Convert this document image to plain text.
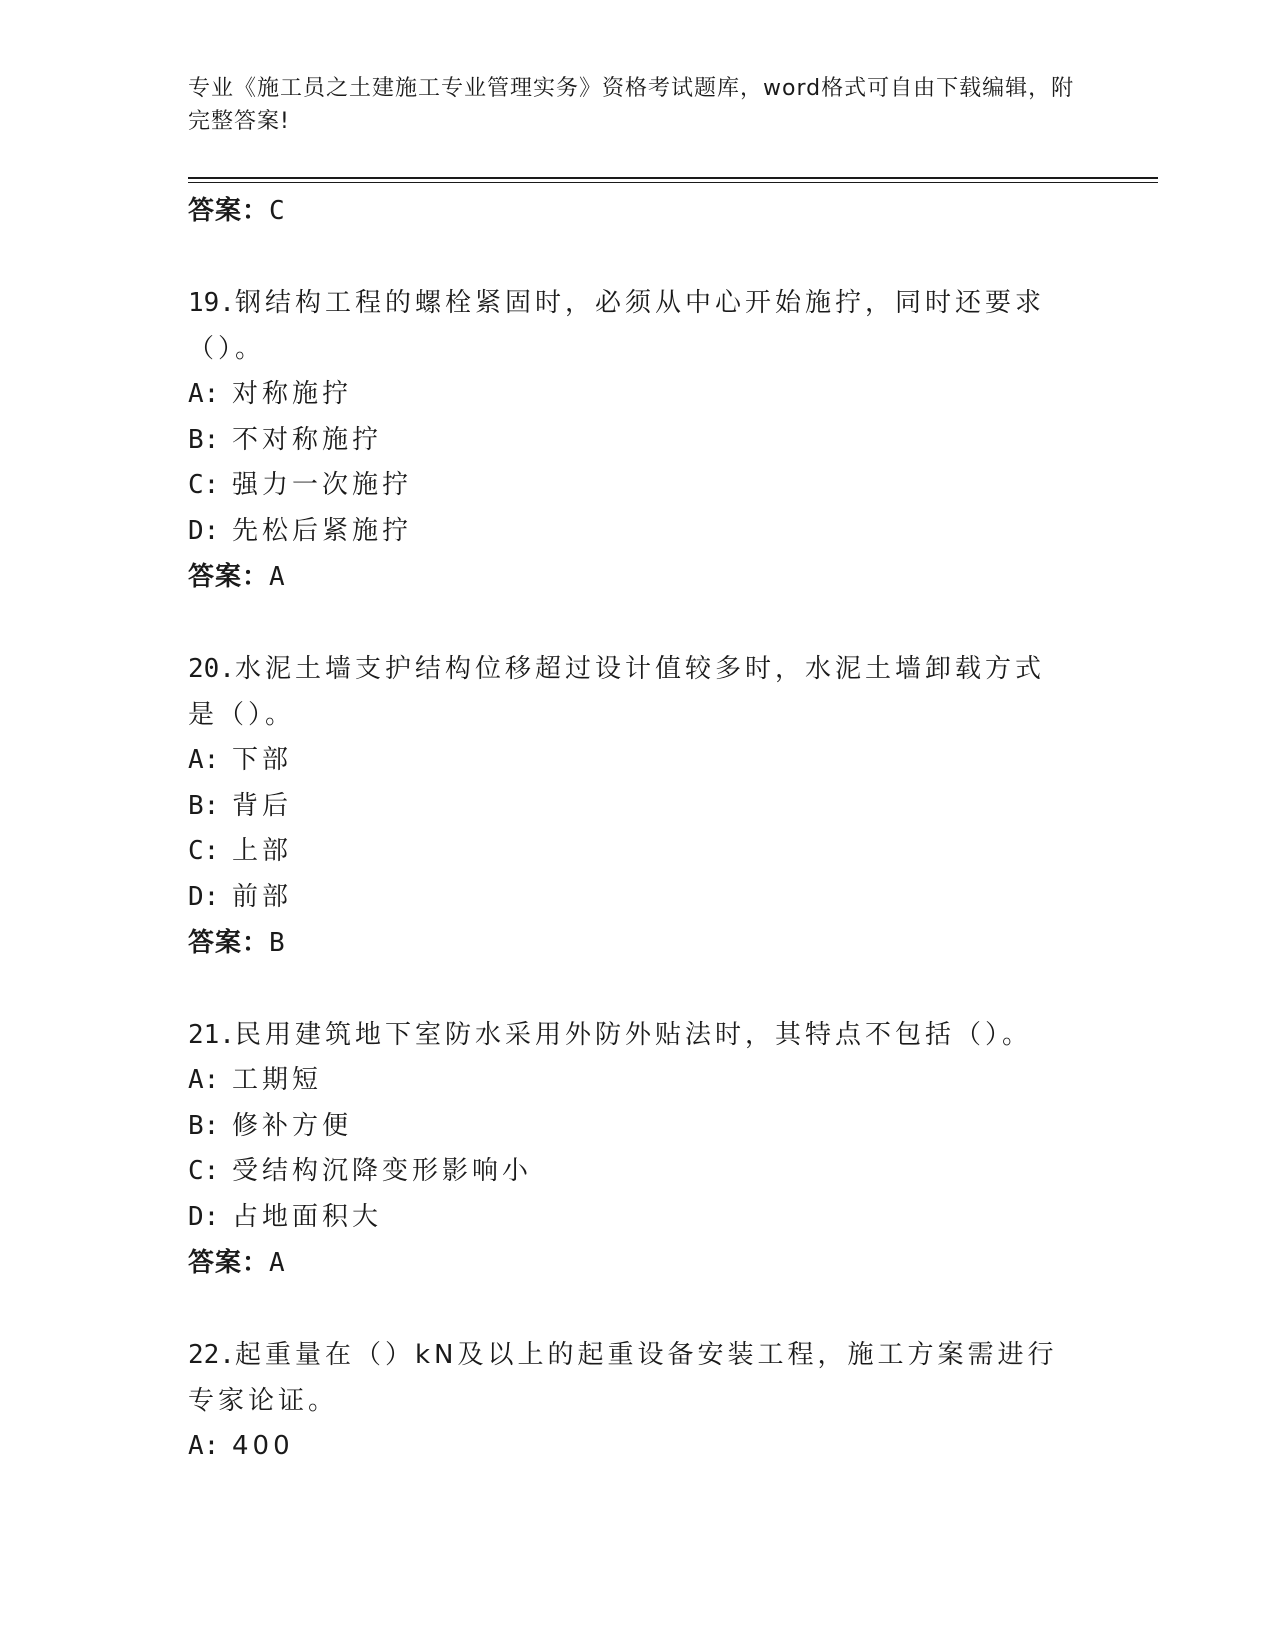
专业《施工员之土建施工专业管理实务》资格考试题库，word格式可自由下载编辑，附完整答案!
答案：C
19.钢结构工程的螺栓紧固时，必须从中心开始施拧，同时还要求（）。
A: 对称施拧
B: 不对称施拧
C: 强力一次施拧
D: 先松后紧施拧
答案：A
20.水泥土墙支护结构位移超过设计值较多时，水泥土墙卸载方式是（）。
A: 下部
B: 背后
C: 上部
D: 前部
答案：B
21.民用建筑地下室防水采用外防外贴法时，其特点不包括（）。
A: 工期短
B: 修补方便
C: 受结构沉降变形影响小
D: 占地面积大
答案：A
22.起重量在（）kN及以上的起重设备安装工程，施工方案需进行专家论证。
A: 400
